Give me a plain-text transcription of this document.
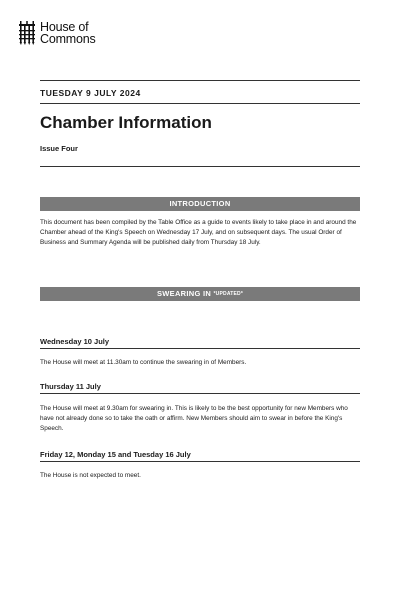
House of
Commons
TUESDAY 9 JULY 2024
Chamber Information
Issue Four
INTRODUCTION

This document has been compiled by the Table Office as a guide to events likely to take place in and around the Chamber ahead of the King's Speech on Wednesday 17 July, and on subsequent days. The usual Order of Business and Summary Agenda will be published daily from Thursday 18 July.

SWEARING IN $^{*UPDATED*}$
Wednesday 10 July

The House will meet at 11.30am to continue the swearing in of Members.

Thursday 11 July

The House will meet at 9.30am for swearing in. This is likely to be the best opportunity for new Members who have not already done so to take the oath or affirm. New Members should aim to swear in before the King's Speech.

Friday 12, Monday 15 and Tuesday 16 July

The House is not expected to meet.
